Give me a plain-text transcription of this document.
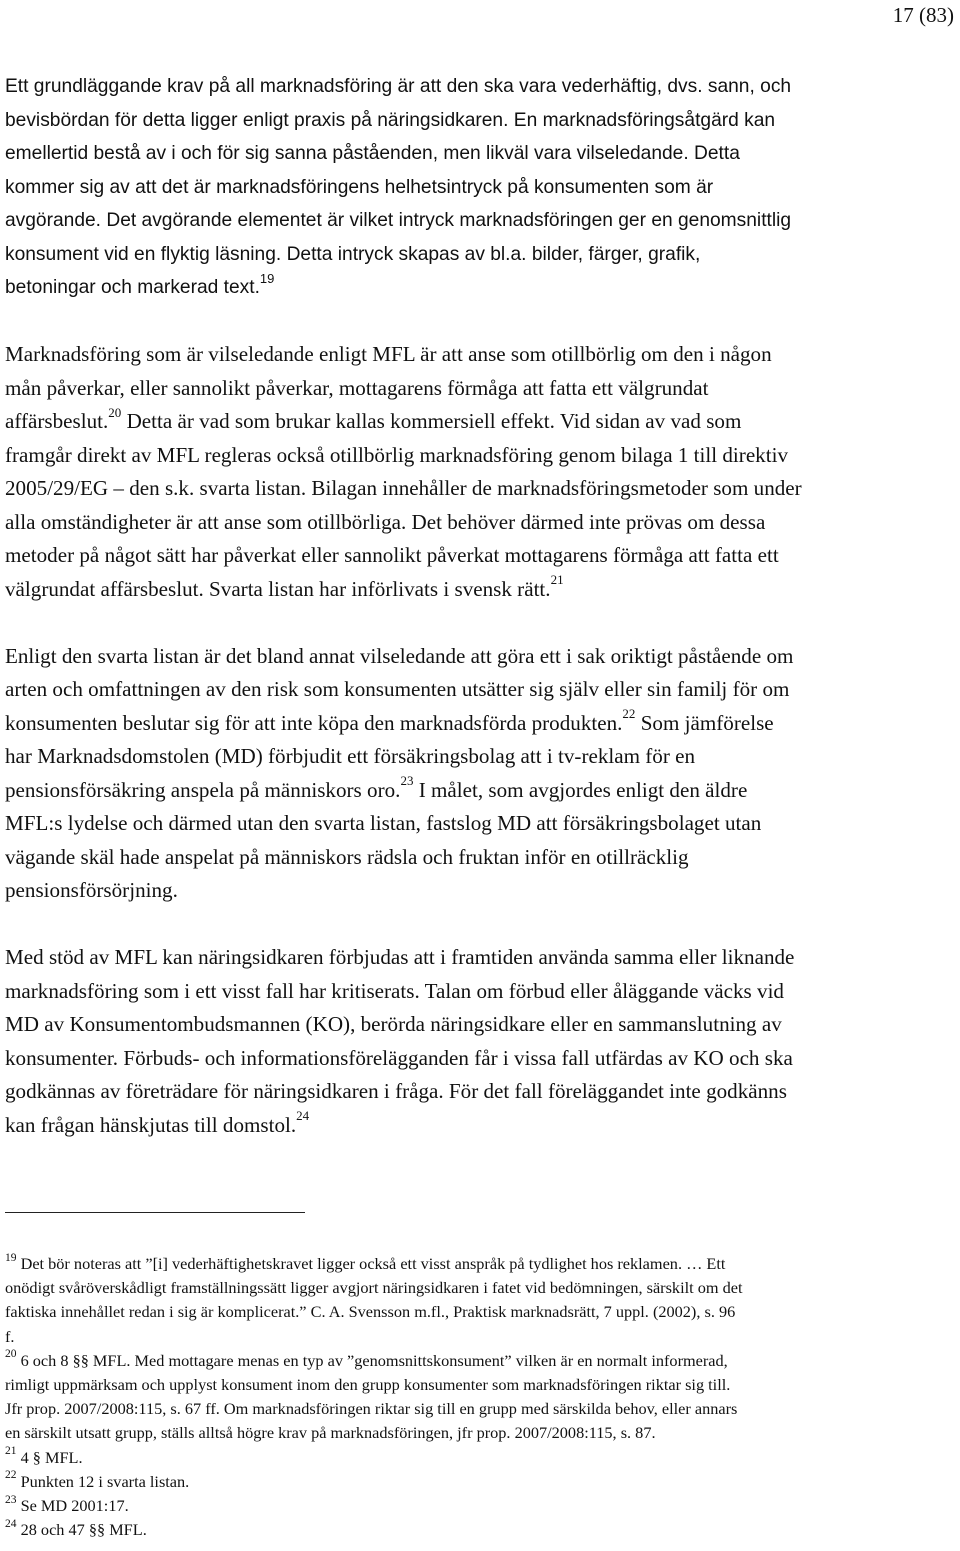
17 (83)

Ett grundläggande krav på all marknadsföring är att den ska vara vederhäftig, dvs. sann, och
bevisbördan för detta ligger enligt praxis på näringsidkaren. En marknadsföringsåtgärd kan
emellertid bestå av i och för sig sanna påståenden, men likväl vara vilseledande. Detta
kommer sig av att det är marknadsföringens helhetsintryck på konsumenten som är
avgörande. Det avgörande elementet är vilket intryck marknadsföringen ger en genomsnittlig
konsument vid en flyktig läsning. Detta intryck skapas av bl.a. bilder, färger, grafik,
betoningar och markerad text.$^{19}$

Marknadsföring som är vilseledande enligt MFL är att anse som otillbörlig om den i någon
mån påverkar, eller sannolikt påverkar, mottagarens förmåga att fatta ett välgrundat
affärsbeslut.$^{20}$ Detta är vad som brukar kallas kommersiell effekt. Vid sidan av vad som
framgår direkt av MFL regleras också otillbörlig marknadsföring genom bilaga 1 till direktiv
2005/29/EG – den s.k. svarta listan. Bilagan innehåller de marknadsföringsmetoder som under
alla omständigheter är att anse som otillbörliga. Det behöver därmed inte prövas om dessa
metoder på något sätt har påverkat eller sannolikt påverkat mottagarens förmåga att fatta ett
välgrundat affärsbeslut. Svarta listan har införlivats i svensk rätt.$^{21}$

Enligt den svarta listan är det bland annat vilseledande att göra ett i sak oriktigt påstående om
arten och omfattningen av den risk som konsumenten utsätter sig själv eller sin familj för om
konsumenten beslutar sig för att inte köpa den marknadsförda produkten.$^{22}$ Som jämförelse
har Marknadsdomstolen (MD) förbjudit ett försäkringsbolag att i tv-reklam för en
pensionsförsäkring anspela på människors oro.$^{23}$ I målet, som avgjordes enligt den äldre
MFL:s lydelse och därmed utan den svarta listan, fastslog MD att försäkringsbolaget utan
vägande skäl hade anspelat på människors rädsla och fruktan inför en otillräcklig
pensionsförsörjning.

Med stöd av MFL kan näringsidkaren förbjudas att i framtiden använda samma eller liknande
marknadsföring som i ett visst fall har kritiserats. Talan om förbud eller åläggande väcks vid
MD av Konsumentombudsmannen (KO), berörda näringsidkare eller en sammanslutning av
konsumenter. Förbuds- och informationsförelägganden får i vissa fall utfärdas av KO och ska
godkännas av företrädare för näringsidkaren i fråga. För det fall föreläggandet inte godkänns
kan frågan hänskjutas till domstol.$^{24}$

$^{19}$ Det bör noteras att ”[i] vederhäftighetskravet ligger också ett visst anspråk på tydlighet hos reklamen. … Ett
onödigt svåröverskådligt framställningssätt ligger avgjort näringsidkaren i fatet vid bedömningen, särskilt om det
faktiska innehållet redan i sig är komplicerat.” C. A. Svensson m.fl., Praktisk marknadsrätt, 7 uppl. (2002), s. 96
f.
$^{20}$ 6 och 8 §§ MFL. Med mottagare menas en typ av ”genomsnittskonsument” vilken är en normalt informerad,
rimligt uppmärksam och upplyst konsument inom den grupp konsumenter som marknadsföringen riktar sig till.
Jfr prop. 2007/2008:115, s. 67 ff. Om marknadsföringen riktar sig till en grupp med särskilda behov, eller annars
en särskilt utsatt grupp, ställs alltså högre krav på marknadsföringen, jfr prop. 2007/2008:115, s. 87.
$^{21}$ 4 § MFL.
$^{22}$ Punkten 12 i svarta listan.
$^{23}$ Se MD 2001:17.
$^{24}$ 28 och 47 §§ MFL.
